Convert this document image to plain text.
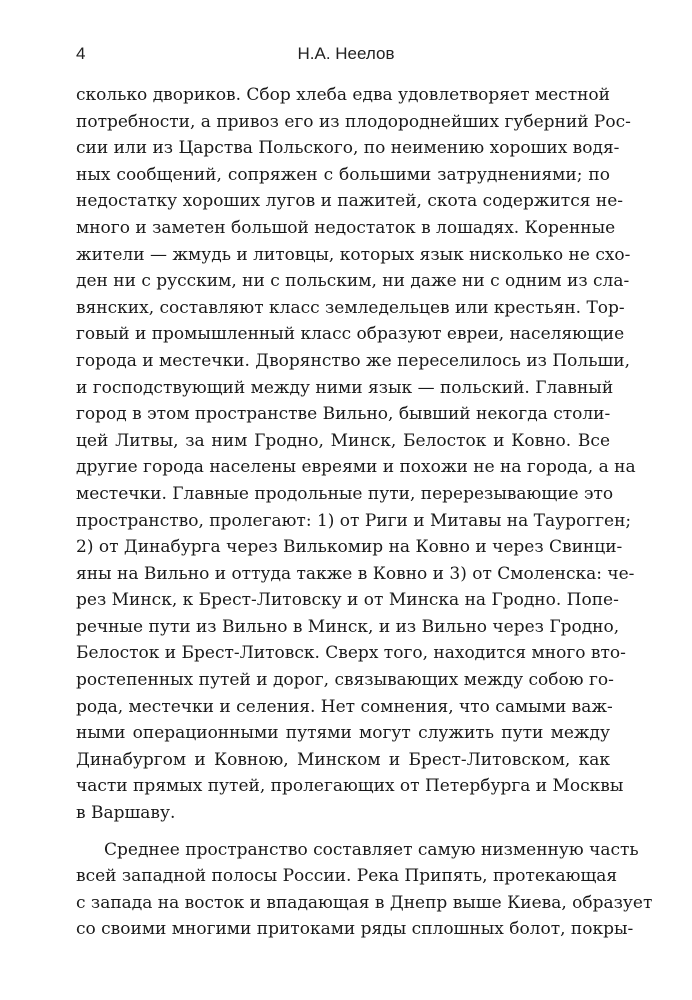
4	Н.А. Неелов
сколько двориков. Сбор хлеба едва удовлетворяет местной
потребности, а привоз его из плодороднейших губерний Рос-
сии или из Царства Польского, по неимению хороших водя-
ных сообщений, сопряжен с большими затруднениями; по
недостатку хороших лугов и пажитей, скота содержится не-
много и заметен большой недостаток в лошадях. Коренные
жители — жмудь и литовцы, которых язык нисколько не схо-
ден ни с русским, ни с польским, ни даже ни с одним из сла-
вянских, составляют класс земледельцев или крестьян. Тор-
говый и промышленный класс образуют евреи, населяющие
города и местечки. Дворянство же переселилось из Польши,
и господствующий между ними язык — польский. Главный
город в этом пространстве Вильно, бывший некогда столи-
цей Литвы, за ним Гродно, Минск, Белосток и Ковно. Все
другие города населены евреями и похожи не на города, а на
местечки. Главные продольные пути, перерезывающие это
пространство, пролегают: 1) от Риги и Митавы на Таурогген;
2) от Динабурга через Вилькомир на Ковно и через Свинци-
яны на Вильно и оттуда также в Ковно и 3) от Смоленска: че-
рез Минск, к Брест-Литовску и от Минска на Гродно. Попе-
речные пути из Вильно в Минск, и из Вильно через Гродно,
Белосток и Брест-Литовск. Сверх того, находится много вто-
ростепенных путей и дорог, связывающих между собою го-
рода, местечки и селения. Нет сомнения, что самыми важ-
ными операционными путями могут служить пути между
Динабургом и Ковною, Минском и Брест-Литовском, как
части прямых путей, пролегающих от Петербурга и Москвы
в Варшаву.
Среднее пространство составляет самую низменную часть
всей западной полосы России. Река Припять, протекающая
с запада на восток и впадающая в Днепр выше Киева, образует
со своими многими притоками ряды сплошных болот, покры-
